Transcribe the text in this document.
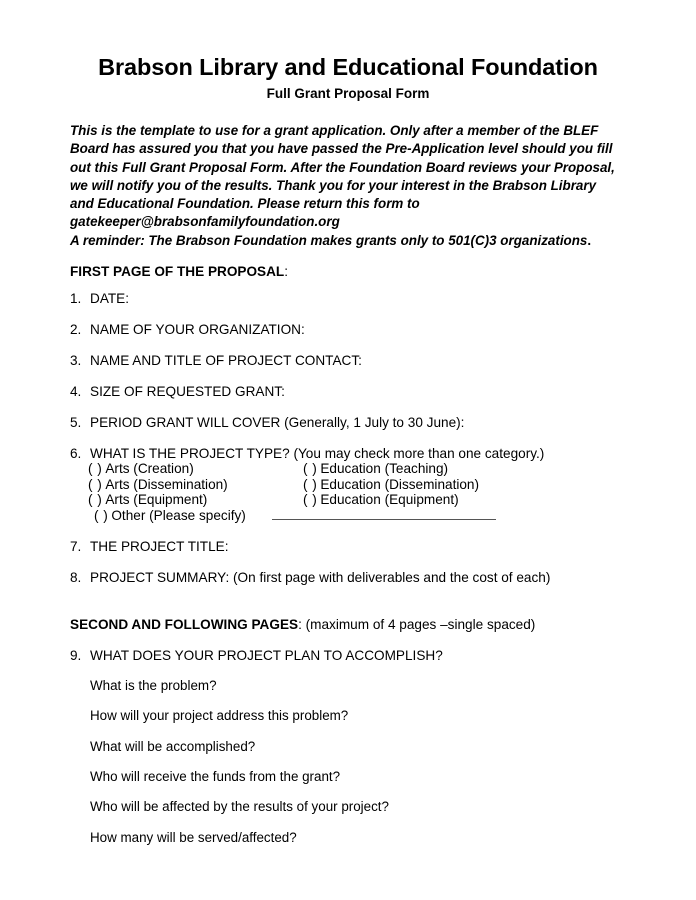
Brabson Library and Educational Foundation
Full Grant Proposal Form
This is the template to use for a grant application. Only after a member of the BLEF Board has assured you that you have passed the Pre-Application level should you fill out this Full Grant Proposal Form. After the Foundation Board reviews your Proposal, we will notify you of the results. Thank you for your interest in the Brabson Library and Educational Foundation. Please return this form to gatekeeper@brabsonfamilyfoundation.org
A reminder: The Brabson Foundation makes grants only to 501(C)3 organizations.
FIRST PAGE OF THE PROPOSAL:
1. DATE:
2. NAME OF YOUR ORGANIZATION:
3. NAME AND TITLE OF PROJECT CONTACT:
4. SIZE OF REQUESTED GRANT:
5. PERIOD GRANT WILL COVER (Generally, 1 July to 30 June):
6. WHAT IS THE PROJECT TYPE? (You may check more than one category.)
( ) Arts (Creation)	( ) Education (Teaching)
( ) Arts (Dissemination)	( ) Education (Dissemination)
( ) Arts (Equipment)	( ) Education (Equipment)
( ) Other (Please specify)
7. THE PROJECT TITLE:
8. PROJECT SUMMARY: (On first page with deliverables and the cost of each)
SECOND AND FOLLOWING PAGES: (maximum of 4 pages –single spaced)
9. WHAT DOES YOUR PROJECT PLAN TO ACCOMPLISH?
What is the problem?
How will your project address this problem?
What will be accomplished?
Who will receive the funds from the grant?
Who will be affected by the results of your project?
How many will be served/affected?
